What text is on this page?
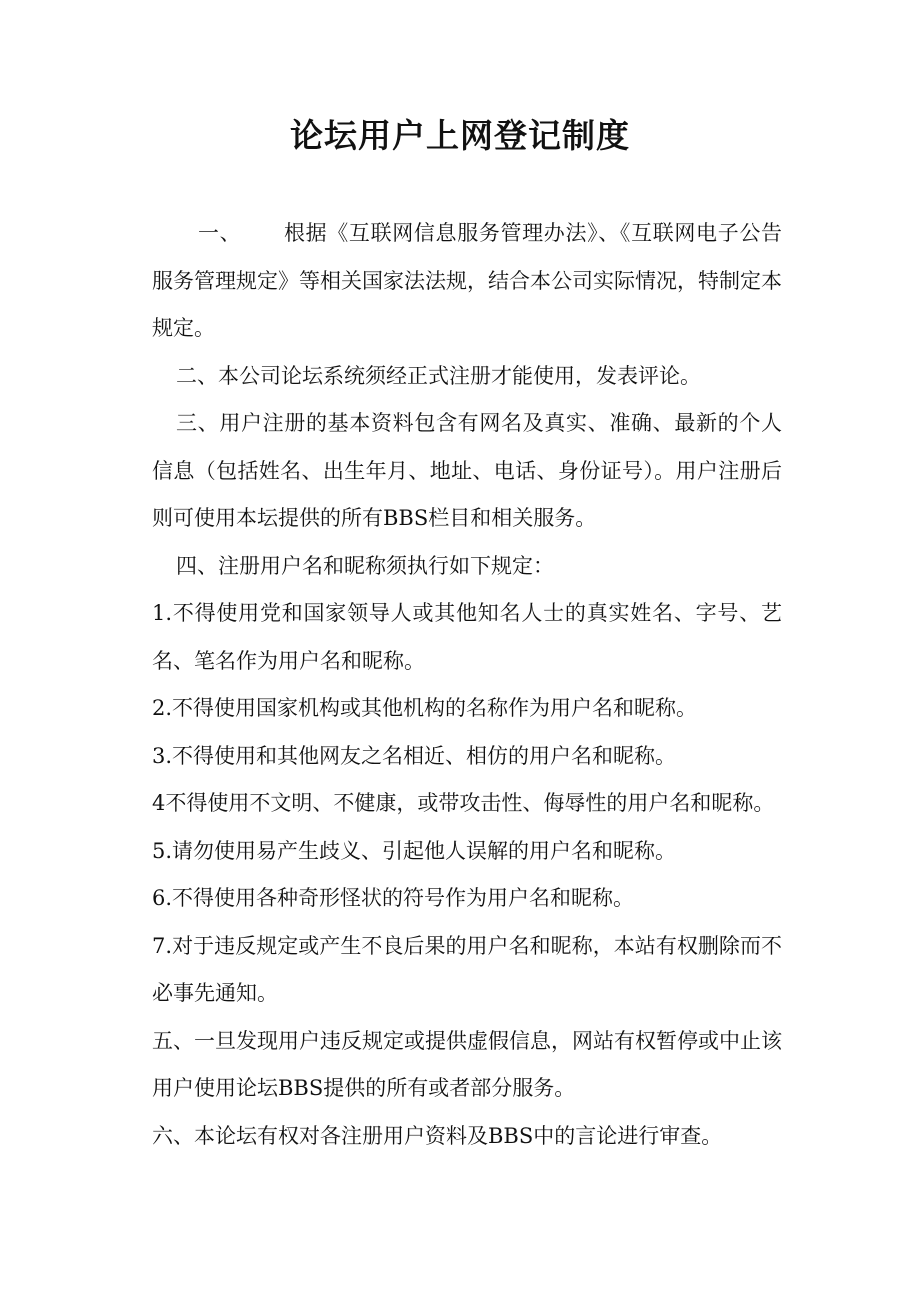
论坛用户上网登记制度

一、 根据《互联网信息服务管理办法》、《互联网电子公告服务管理规定》等相关国家法法规，结合本公司实际情况，特制定本规定。

二、本公司论坛系统须经正式注册才能使用，发表评论。

三、用户注册的基本资料包含有网名及真实、准确、最新的个人信息（包括姓名、出生年月、地址、电话、身份证号）。用户注册后则可使用本坛提供的所有BBS栏目和相关服务。

四、注册用户名和昵称须执行如下规定：

1.不得使用党和国家领导人或其他知名人士的真实姓名、字号、艺名、笔名作为用户名和昵称。

2.不得使用国家机构或其他机构的名称作为用户名和昵称。

3.不得使用和其他网友之名相近、相仿的用户名和昵称。

4不得使用不文明、不健康，或带攻击性、侮辱性的用户名和昵称。

5.请勿使用易产生歧义、引起他人误解的用户名和昵称。

6.不得使用各种奇形怪状的符号作为用户名和昵称。

7.对于违反规定或产生不良后果的用户名和昵称，本站有权删除而不必事先通知。

五、一旦发现用户违反规定或提供虚假信息，网站有权暂停或中止该用户使用论坛BBS提供的所有或者部分服务。

六、本论坛有权对各注册用户资料及BBS中的言论进行审查。
